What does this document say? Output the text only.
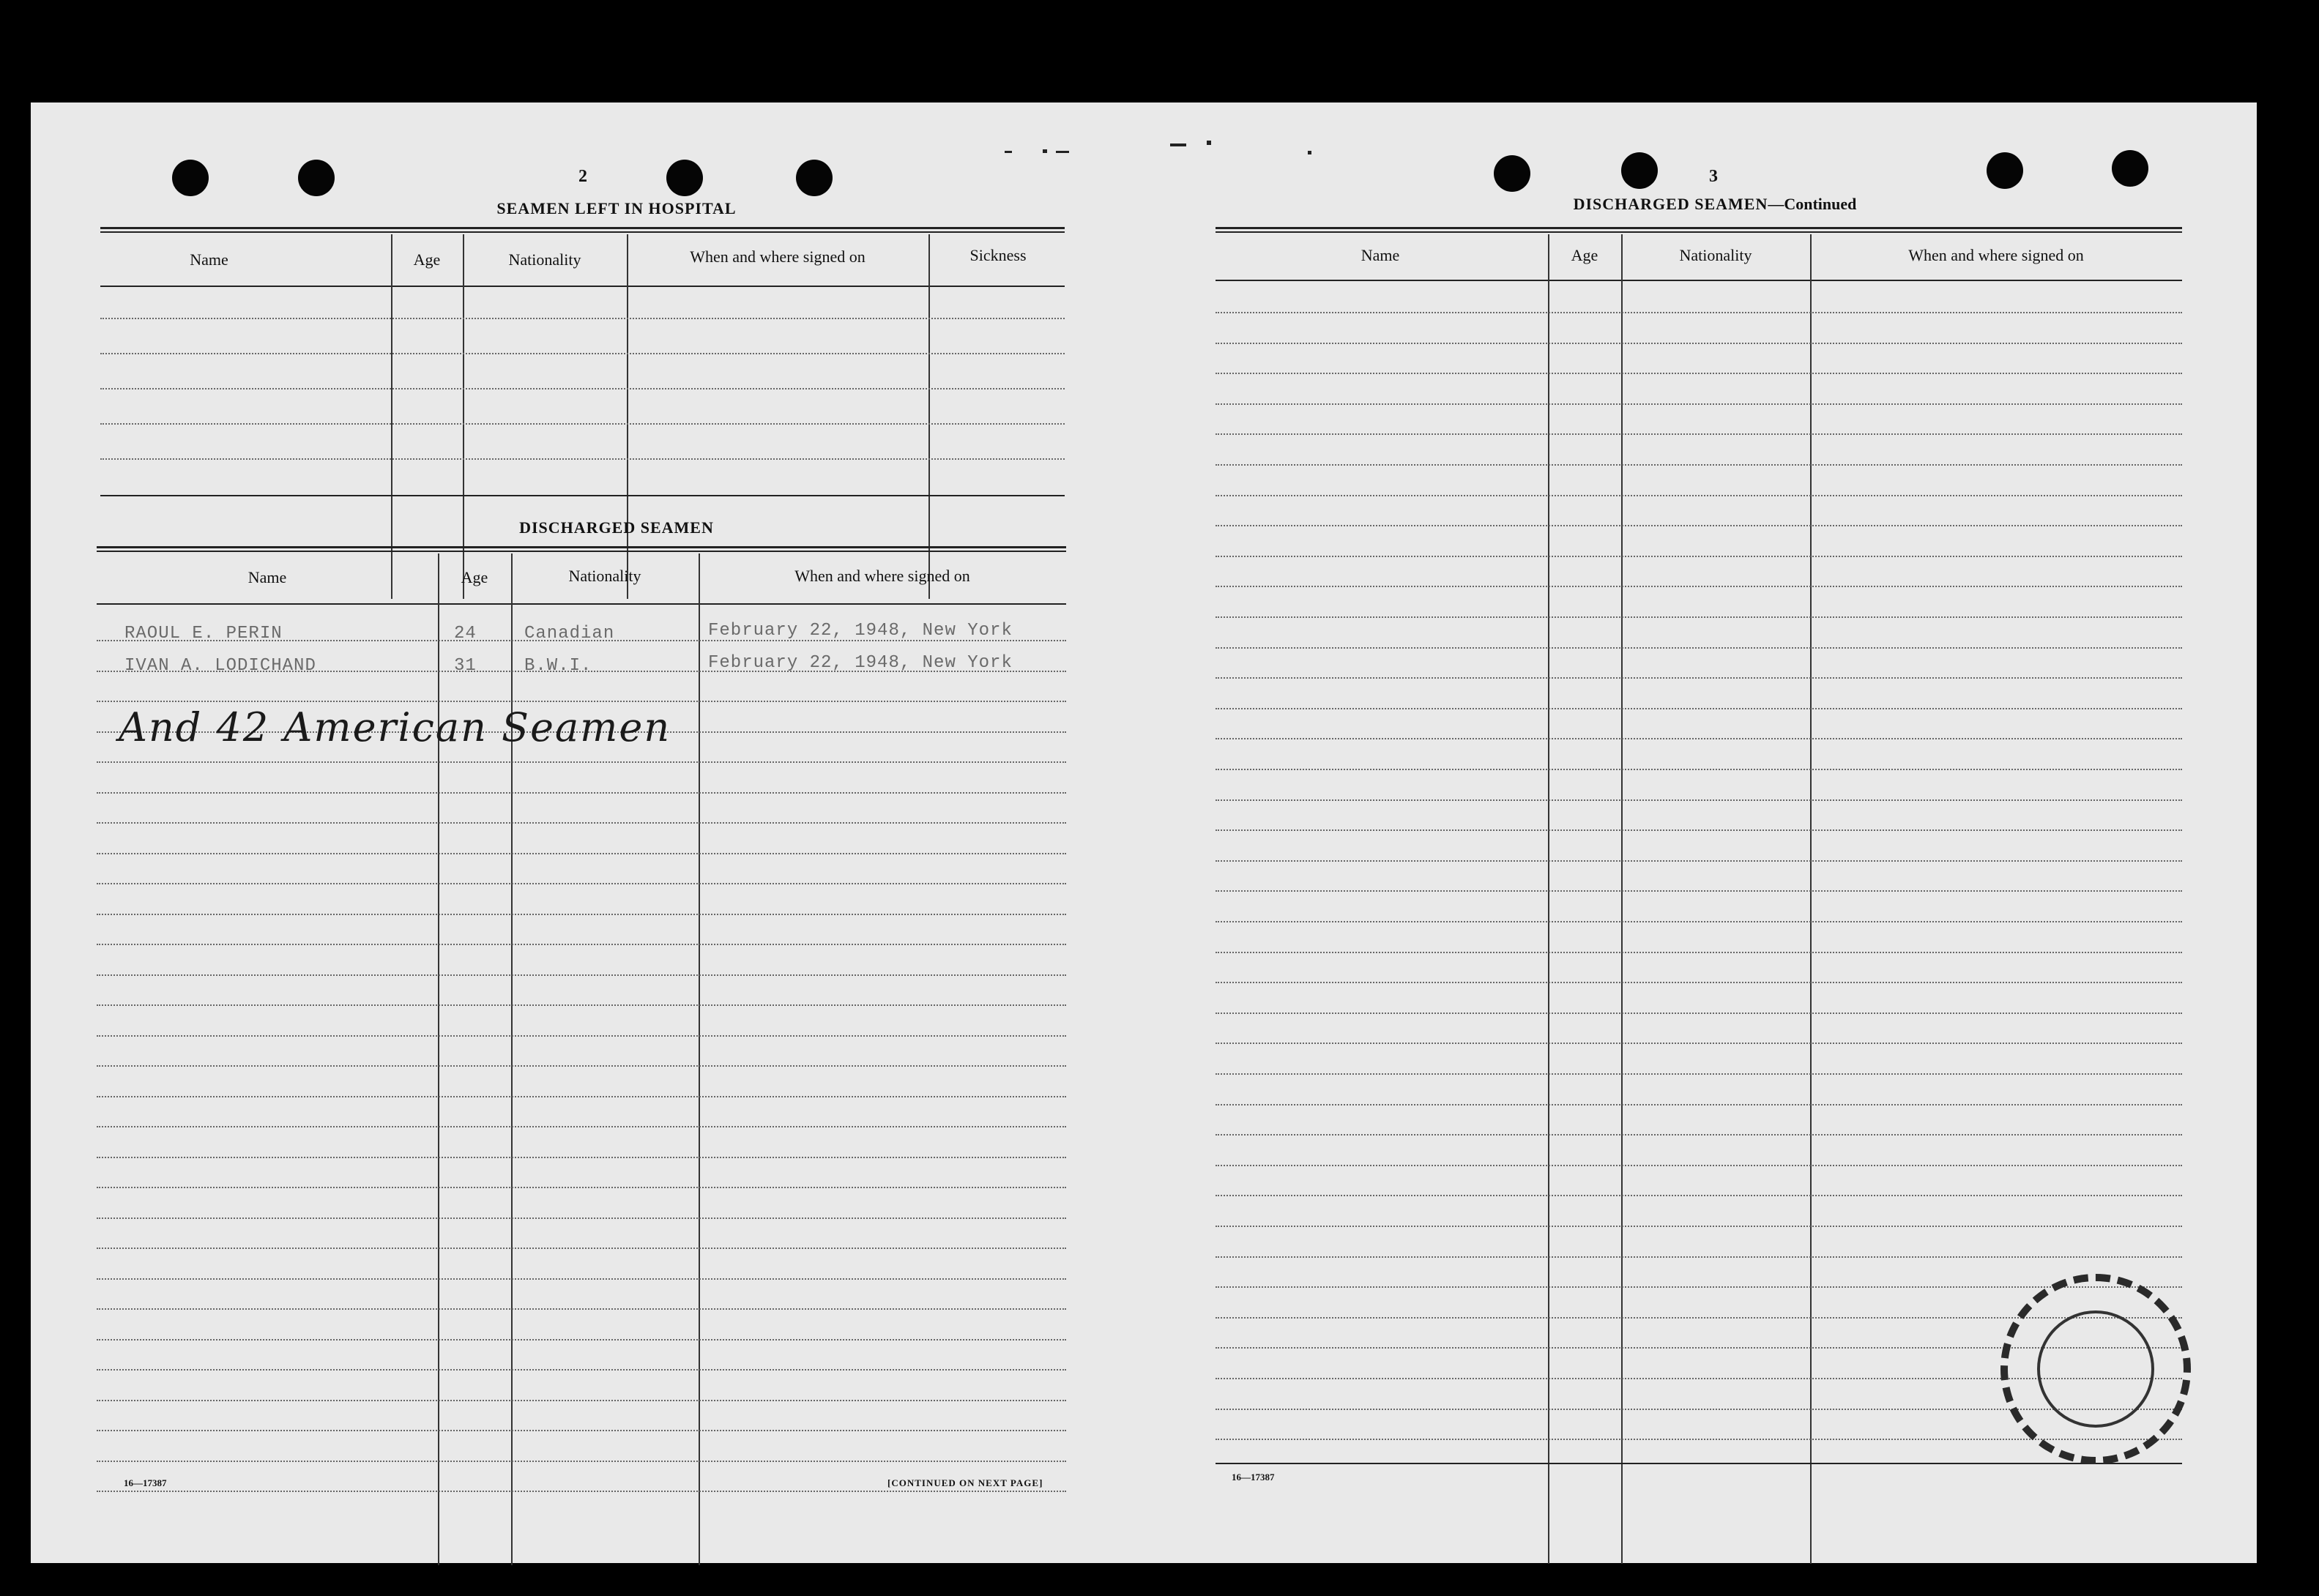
2
SEAMEN LEFT IN HOSPITAL
Name	Age	Nationality	When and where signed on	Sickness
DISCHARGED SEAMEN
Name	Age	Nationality	When and where signed on
RAOUL E. PERIN	24	Canadian	February 22, 1948, New York
IVAN A. LODICHAND	31	B.W.I.	February 22, 1948, New York
And 42 American Seamen
16—17387	[CONTINUED ON NEXT PAGE]
3
DISCHARGED SEAMEN—Continued
Name	Age	Nationality	When and where signed on
16—17387
